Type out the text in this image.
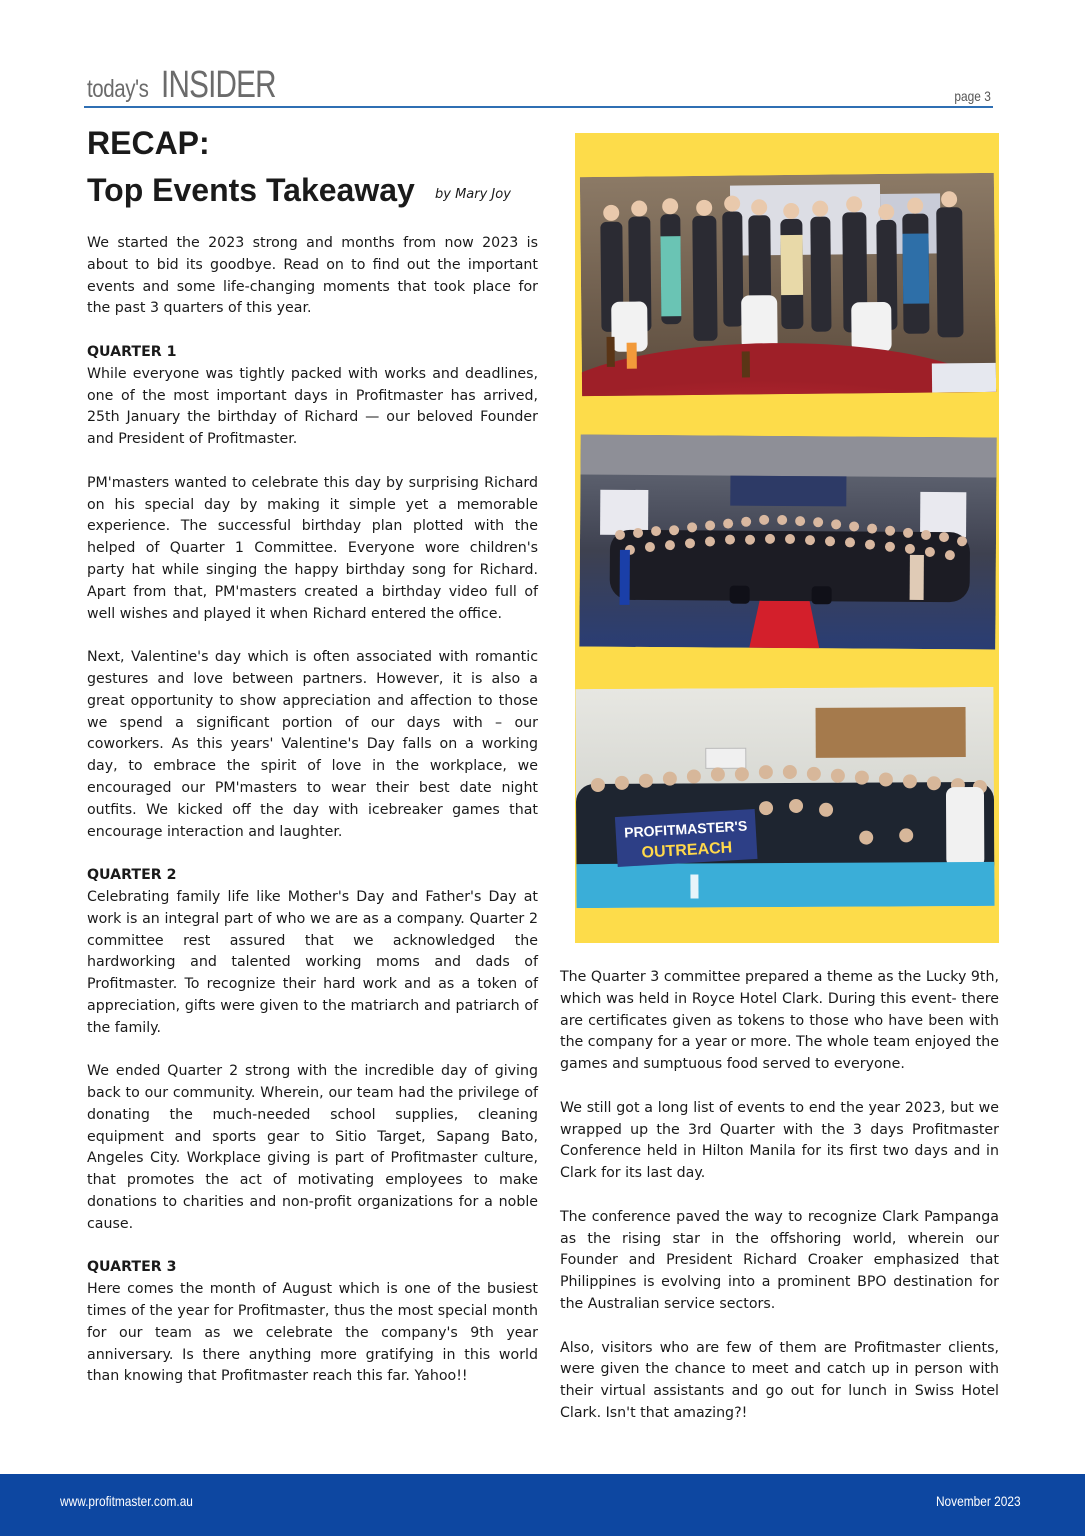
today's INSIDER	page 3
RECAP:
Top Events Takeaway by Mary Joy

We started the 2023 strong and months from now 2023 is about to bid its goodbye. Read on to find out the important events and some life-changing moments that took place for the past 3 quarters of this year.

QUARTER 1

While everyone was tightly packed with works and deadlines, one of the most important days in Profitmaster has arrived, 25th January the birthday of Richard — our beloved Founder and President of Profitmaster.

PM'masters wanted to celebrate this day by surprising Richard on his special day by making it simple yet a memorable experience. The successful birthday plan plotted with the helped of Quarter 1 Committee. Everyone wore children's party hat while singing the happy birthday song for Richard. Apart from that, PM'masters created a birthday video full of well wishes and played it when Richard entered the office.

Next, Valentine's day which is often associated with romantic gestures and love between partners. However, it is also a great opportunity to show appreciation and affection to those we spend a significant portion of our days with – our coworkers. As this years' Valentine's Day falls on a working day, to embrace the spirit of love in the workplace, we encouraged our PM'masters to wear their best date night outfits. We kicked off the day with icebreaker games that encourage interaction and laughter.

QUARTER 2

Celebrating family life like Mother's Day and Father's Day at work is an integral part of who we are as a company. Quarter 2 committee rest assured that we acknowledged the hardworking and talented working moms and dads of Profitmaster. To recognize their hard work and as a token of appreciation, gifts were given to the matriarch and patriarch of the family.

We ended Quarter 2 strong with the incredible day of giving back to our community. Wherein, our team had the privilege of donating the much-needed school supplies, cleaning equipment and sports gear to Sitio Target, Sapang Bato, Angeles City. Workplace giving is part of Profitmaster culture, that promotes the act of motivating employees to make donations to charities and non-profit organizations for a noble cause.

QUARTER 3

Here comes the month of August which is one of the busiest times of the year for Profitmaster, thus the most special month for our team as we celebrate the company's 9th year anniversary. Is there anything more gratifying in this world than knowing that Profitmaster reach this far. Yahoo!!

PROFITMASTER'S
OUTREACH

The Quarter 3 committee prepared a theme as the Lucky 9th, which was held in Royce Hotel Clark. During this event- there are certificates given as tokens to those who have been with the company for a year or more. The whole team enjoyed the games and sumptuous food served to everyone.

We still got a long list of events to end the year 2023, but we wrapped up the 3rd Quarter with the 3 days Profitmaster Conference held in Hilton Manila for its first two days and in Clark for its last day.

The conference paved the way to recognize Clark Pampanga as the rising star in the offshoring world, wherein our Founder and President Richard Croaker emphasized that Philippines is evolving into a prominent BPO destination for the Australian service sectors.

Also, visitors who are few of them are Profitmaster clients, were given the chance to meet and catch up in person with their virtual assistants and go out for lunch in Swiss Hotel Clark. Isn't that amazing?!

www.profitmaster.com.au	November 2023
